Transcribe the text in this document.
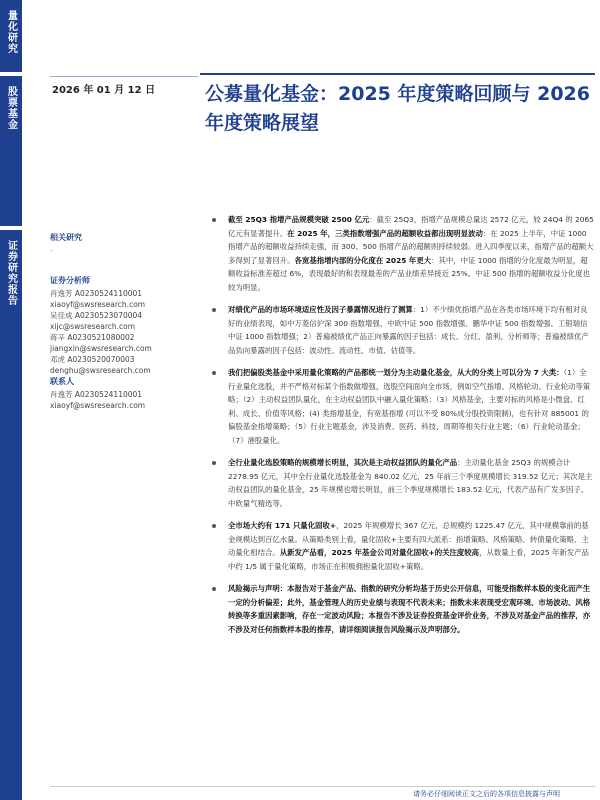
量化研究
股票基金
证券研究报告
2026 年 01 月 12 日	公募量化基金：2025 年度策略回顾与 2026 年度策略展望
相关研究
-
证券分析师
肖逸芳 A0230524110001
xiaoyf@swsresearch.com
吴佳成 A0230523070004
xijc@swsresearch.com
蒋辛 A0230521080002
jiangxin@swsresearch.com
邓虎 A0230520070003
denghu@swsresearch.com
联系人
肖逸芳 A0230524110001
xiaoyf@swsresearch.com
截至 25Q3 指增产品规模突破 2500 亿元：截至 25Q3，指增产品规模总量达 2572 亿元，较 24Q4 的 2065 亿元有显著提升。在 2025 年，三类指数增强产品的超额收益都出现明显波动：在 2025 上半年，中证 1000 指增产品的超额收益持续走强，而 300、500 指增产品的超额则持续较弱。进入四季度以来，指增产品的超额大多得到了显著回升。各宽基指增内部的分化度在 2025 年更大：其中，中证 1000 指增的分化度最为明显，超额收益标准差超过 6%，表现最好的和表现最差的产品业绩差异接近 25%。中证 500 指增的超额收益分化度也较为明显。
对绩优产品的市场环境适应性及因子暴露情况进行了测算：1）不少绩优指增产品在各类市场环境下均有相对良好的业绩表现，如中万菱信沪深 300 指数增强、中欧中证 500 指数增强、鹏华中证 500 指数增强、工银瑞信中证 1000 指数增强；2）普遍被绩优产品正向暴露的因子包括：成长、分红、盈利、分析师等；普遍被绩优产品负向暴露的因子包括：波动性、流动性、市值、估值等。
我们把偏股类基金中采用量化策略的产品都统一划分为主动量化基金，从大的分类上可以分为 7 大类：（1）全行业量化选股，并不严格对标某个指数做增强，选股空间面向全市场，例如空气指增、风格轮动、行业轮动等策略；（2）主动权益团队量化，在主动权益团队中融入量化策略；（3）风格基金，主要对标的风格是小微盘、红利、成长、价值等风格；(4) 类指增基金，有宽基指增 (可以不受 80%成分股投资限制)，也有针对 885001 的偏股基金指增策略；（5）行业主题基金，涉及消费、医药、科技、周期等相关行业主题；（6）行业轮动基金；（7）港股量化。
全行业量化选股策略的规模增长明显，其次是主动权益团队的量化产品：主动量化基金 25Q3 的规模合计 2278.95 亿元，其中全行业量化选股基金为 840.02 亿元，25 年前三个季度规模增长 319.52 亿元；其次是主动权益团队的量化基金，25 年规模也增长明显，前三个季度规模增长 183.52 亿元，代表产品有广发多因子、中欧量气精选等。
全市场大约有 171 只量化固收+，2025 年规模增长 367 亿元，总规模约 1225.47 亿元，其中规模靠前的基金规模达到百亿水量。从策略类别上看，量化固收+主要有四大派系：指增策略、风格策略、转债量化策略、主动量化相结合。从新发产品看，2025 年基金公司对量化固收+的关注度较高，从数量上看，2025 年新发产品中约 1/5 属于量化策略，市场正在积极拥抱量化固收+策略。
风险揭示与声明：本报告对于基金产品、指数的研究分析均基于历史公开信息，可能受指数样本股的变化而产生一定的分析偏差；此外，基金管理人的历史业绩与表现不代表未来；指数未来表现受宏观环境、市场波动、风格转换等多重因素影响，存在一定波动风险；本报告不涉及证券投资基金评价业务，不涉及对基金产品的推荐，亦不涉及对任何指数样本股的推荐，请详细阅读报告风险揭示及声明部分。
请务必仔细阅读正文之后的各项信息披露与声明
